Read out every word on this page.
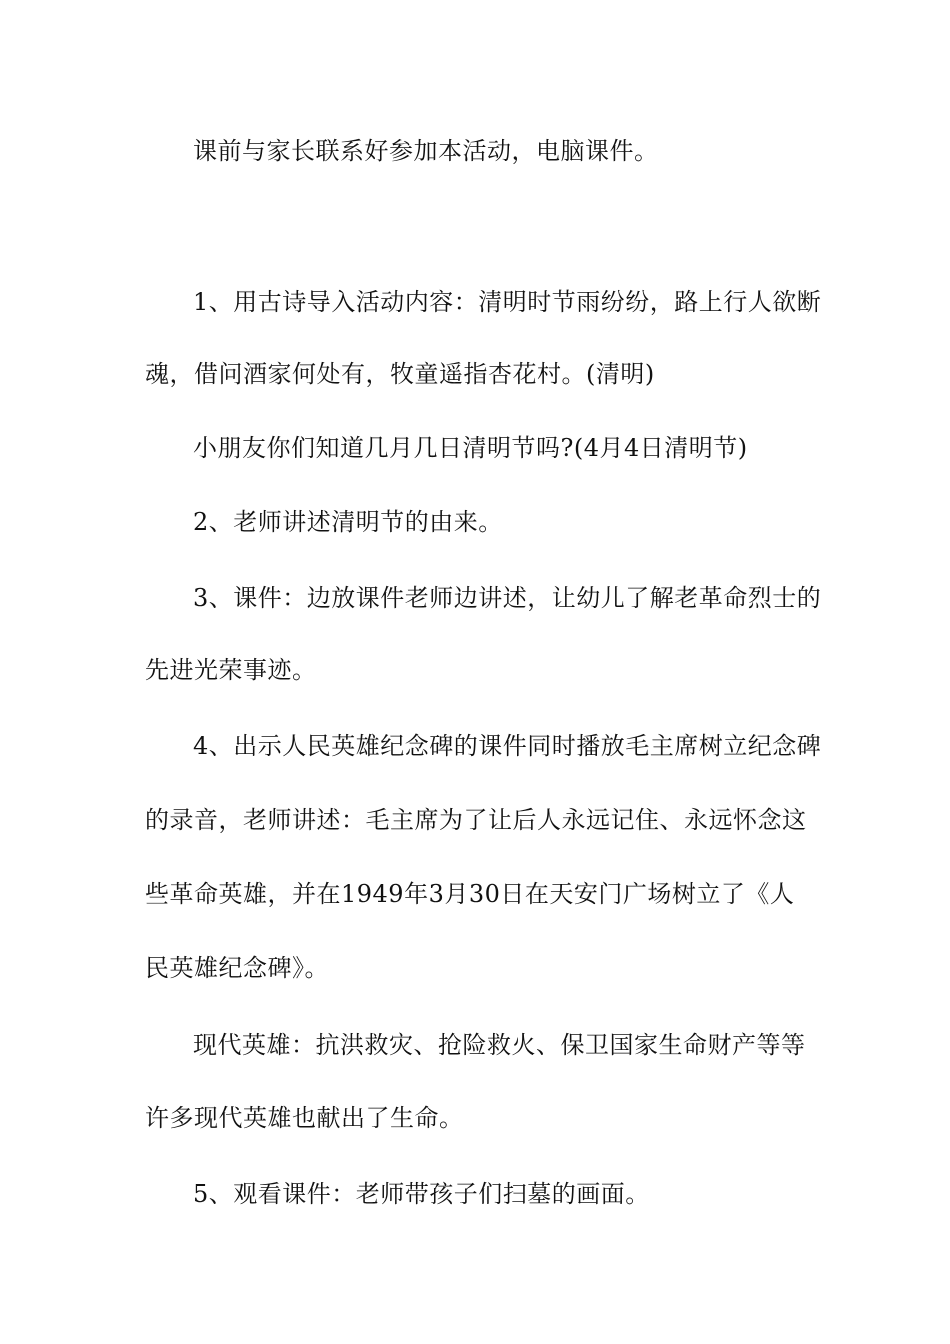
课前与家长联系好参加本活动，电脑课件。
1、用古诗导入活动内容：清明时节雨纷纷，路上行人欲断
魂，借问酒家何处有，牧童遥指杏花村。(清明)
小朋友你们知道几月几日清明节吗?(4月4日清明节)
2、老师讲述清明节的由来。
3、课件：边放课件老师边讲述，让幼儿了解老革命烈士的
先进光荣事迹。
4、出示人民英雄纪念碑的课件同时播放毛主席树立纪念碑
的录音，老师讲述：毛主席为了让后人永远记住、永远怀念这
些革命英雄，并在1949年3月30日在天安门广场树立了《人
民英雄纪念碑》。
现代英雄：抗洪救灾、抢险救火、保卫国家生命财产等等
许多现代英雄也献出了生命。
5、观看课件：老师带孩子们扫墓的画面。
